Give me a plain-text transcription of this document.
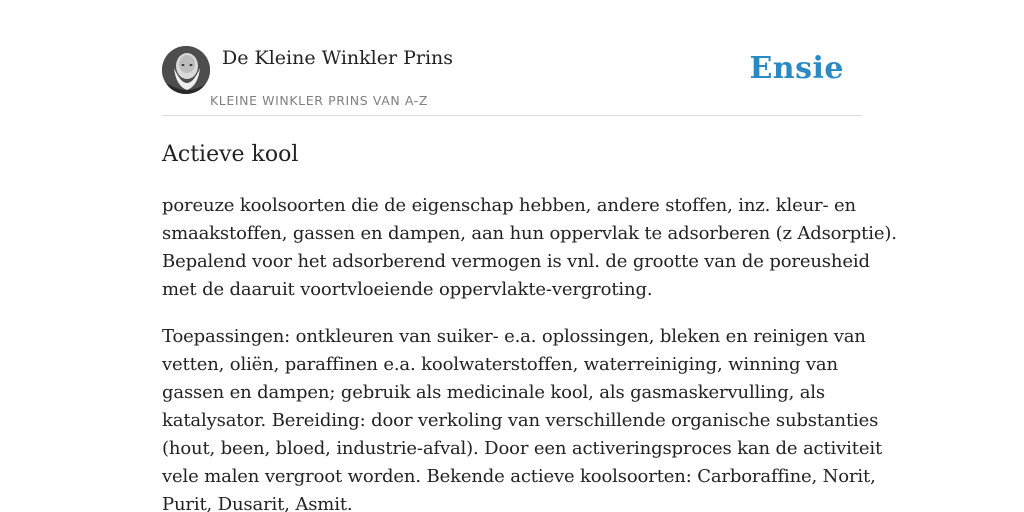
De Kleine Winkler Prins
KLEINE WINKLER PRINS VAN A-Z
Ensie
Actieve kool

poreuze koolsoorten die de eigenschap hebben, andere stoffen, inz. kleur- en
smaakstoffen, gassen en dampen, aan hun oppervlak te adsorberen (z Adsorptie).
Bepalend voor het adsorberend vermogen is vnl. de grootte van de poreusheid
met de daaruit voortvloeiende oppervlakte-vergroting.

Toepassingen: ontkleuren van suiker- e.a. oplossingen, bleken en reinigen van
vetten, oliën, paraffinen e.a. koolwaterstoffen, waterreiniging, winning van
gassen en dampen; gebruik als medicinale kool, als gasmaskervulling, als
katalysator. Bereiding: door verkoling van verschillende organische substanties
(hout, been, bloed, industrie-afval). Door een activeringsproces kan de activiteit
vele malen vergroot worden. Bekende actieve koolsoorten: Carboraffine, Norit,
Purit, Dusarit, Asmit.
